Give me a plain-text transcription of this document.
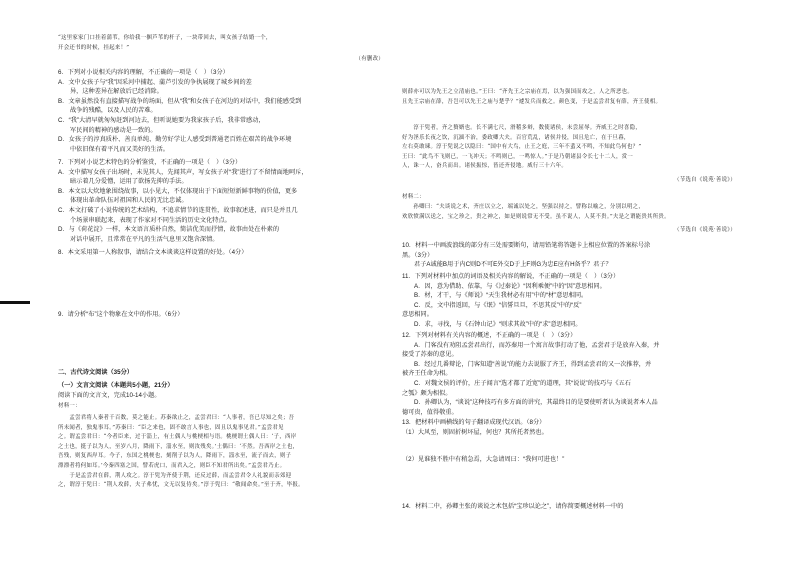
“这里家家门口挂着蒲苇，你给我一捆芦苇的杆子，一块带回去，叫女孩子结婚一个，
开会还书的时候，挂起来！”
（有删改）
6．下列对小说相关内容的理解，不正确的一项是（　）（3分）
A．文中女孩子与“我”因采河中捕起、蒲芦引发的争执展现了城乡间的差
异，这种差异在解放后已经消除。
B．文章虽然没有直接描写战争的场面，但从“我”和女孩子在河边的对话中，我们能感受到
战争的残酷，以及人民的苦难。
C．“我”大清早就匆匆赶到河边去，但听说她要为我家孩子后，我非常感动，
军民间的精神的感动是一致的。
D．女孩子的淳真质朴、善良单纯、勤劳好学让人感受到普通老百姓在艰苦的战争环境
中依旧保有着平凡而又美好的生活。
7．下列对小说艺术特色的分析鉴赏，不正确的一项是（　）（3分）
A．文中描写女孩子出场时，未见其人，先闻其声，写女孩子对“我”进行了不留情面地呵斥，
暗示着几分爱憎，运用了欲扬先抑的手法。
B．本文以大炊地象围绕故事，以小见大，不仅体现出于下面短短新鲜事物的价值，更多
体现出革命队伍对祖国和人民的无比忠诚。
C．本文打破了小说传统的艺术结构，不追求情节的连贯性，故事叙述进，而只是并且几
个场景串联起来，表现了作家对不同生活的历史文化特点。
D．与《荷花淀》一样，本文语言质朴自然，简洁优美而抒情，故事由处在朴素的
对话中展开，且常常在平凡的生活气息里又饱含深情。
8．本文采用第一人称叙事，请结合文本谈谈这样设置的好处。（4分）
9．请分析“布”这个物象在文中的作用。（6分）
二、古代诗文阅读（35分）
（一）文言文阅读（本题共5小题，21分）
阅读下面的文言文，完成10-14小题。
材料一：
　　孟尝君将人秦者千百数，莫之能止。苏秦欲止之，孟尝君曰：“人事者，吾已尽知之矣；吾
所未闻者，独鬼事耳。”苏秦曰：“臣之来也，固不敢言人事也，固且以鬼事见君。”孟尝君见
之。谓孟尝君曰：“今者臣来，过于淄上，有土偶人与桃梗相与语。桃梗谓土偶人曰：‘子，西岸
之土也，挺子以为人，至岁八月，降雨下，淄水至，则汝残矣。’土偶曰：‘不然。吾西岸之土也，
吾残，则复西岸耳。今子，东国之桃梗也，刻削子以为人，降雨下，淄水至，流子而去，则子
漂漂者将何如耳。’今秦四塞之国，譬若虎口，而君入之，则臣不知君所出矣。”孟尝君乃止。
　　于是孟尝君在薛，荆人攻之。淳于髡为齐使于荆，还反过薛，而孟尝君令人礼貌而亲郊迎
之，谓淳于髡曰：“荆人攻薛，夫子弗忧，文无以复侍矣。”淳于髡曰：“敬闻命矣。”至于齐，毕报。
则薛亦可以为先王之立清庙也。”王曰：“齐先王之宗庙在焉，以为强国而攻之，人之所恶也。
且先王宗庙在薛，吾岂可以先王之庙与楚乎？”遽发兵而救之。颜色变，于是孟尝君复有薛，齐王使相。
　　淳于髡者，齐之赘婿也。长不满七尺，滑稽多辩，数使诸侯，未尝屈辱。齐威王之时喜隐，
好为淫乐长夜之饮，沉湎不治，委政卿大夫。百官荒乱，诸侯并侵，国且危亡，在于旦暮，
左右莫敢谏。淳于髡说之以隐曰：“国中有大鸟，止王之庭，三年不蜚又不鸣，不知此鸟何也？”
王曰：“此鸟不飞则已，一飞冲天；不鸣则已，一鸣惊人。”于是乃朝诸县令长七十二人，赏一
人，诛一人，奋兵而出。诸侯振惊，皆还齐侵地。威行三十六年。
（节选自《说苑·善说》）
材料二：
　　孙卿曰：“夫谈说之术，齐庄以立之，端诚以处之，坚强以持之，譬称以喻之，分别以明之，
欢欣愤满以送之，宝之珍之，贵之神之，如是则说常无不受。虽不说人，人莫不贵。”夫是之谓能贵其所贵。
（节选自《说苑·善说》）
10．材料一中画波浪线的部分有三处需要断句，请用铅笔将答题卡上相应位置的答案标号涂
黑。（3分）
君子A诚能B用于内C则D不可E外交D于上F则G为忠E应有H备乎？君子？
11．下列对材料中加点的词语及相关内容的解说，不正确的一项是（　）（3分）
A．因，意为借助、依靠，与《过秦论》“因利乘便”中的“因”意思相同。
B．材，才干，与《师说》“天生我材必有用”中的“材”意思相同。
C．反，文中指返回，与《氓》“信誓旦旦，不思其反”中的“反”
意思相同。
D．求，寻找，与《石钟山记》“则求其故”中的“求”意思相同。
12．下列对材料有关内容的概述，不正确的一项是（　）（3分）
A．门客没有劝阻孟尝君出行，而苏秦用一个寓言故事打动了他，孟尝君于是放弃入秦，并
接受了苏秦的意见。
B．经过几番辩论，门客知道“善说”的能力去说服了齐王，得到孟尝君的又一次推荐，并
被齐王任命为相。
C．对魏文侯的评价，庄子闻言“选才都了近宽”的道理，其“说说”的技巧与《五石
之瓠》颇为相似。
D．孙卿认为，“谈说”这种技巧有多方面的讲究，其最终目的是要使听者认为谈说者本人品
德可贵，值得敬重。
13．把材料中画横线的句子翻译成现代汉语。（8分）
（1）大风至，则固折树坏屋，何也？其所托者然也。
（2）见谁独不胜中有稍急焉，大急请周曰：“我何可进也！”
14．材料二中，孙卿主张的谈说之术包括“宝珍以论之”，请你简要概述材料一中的
